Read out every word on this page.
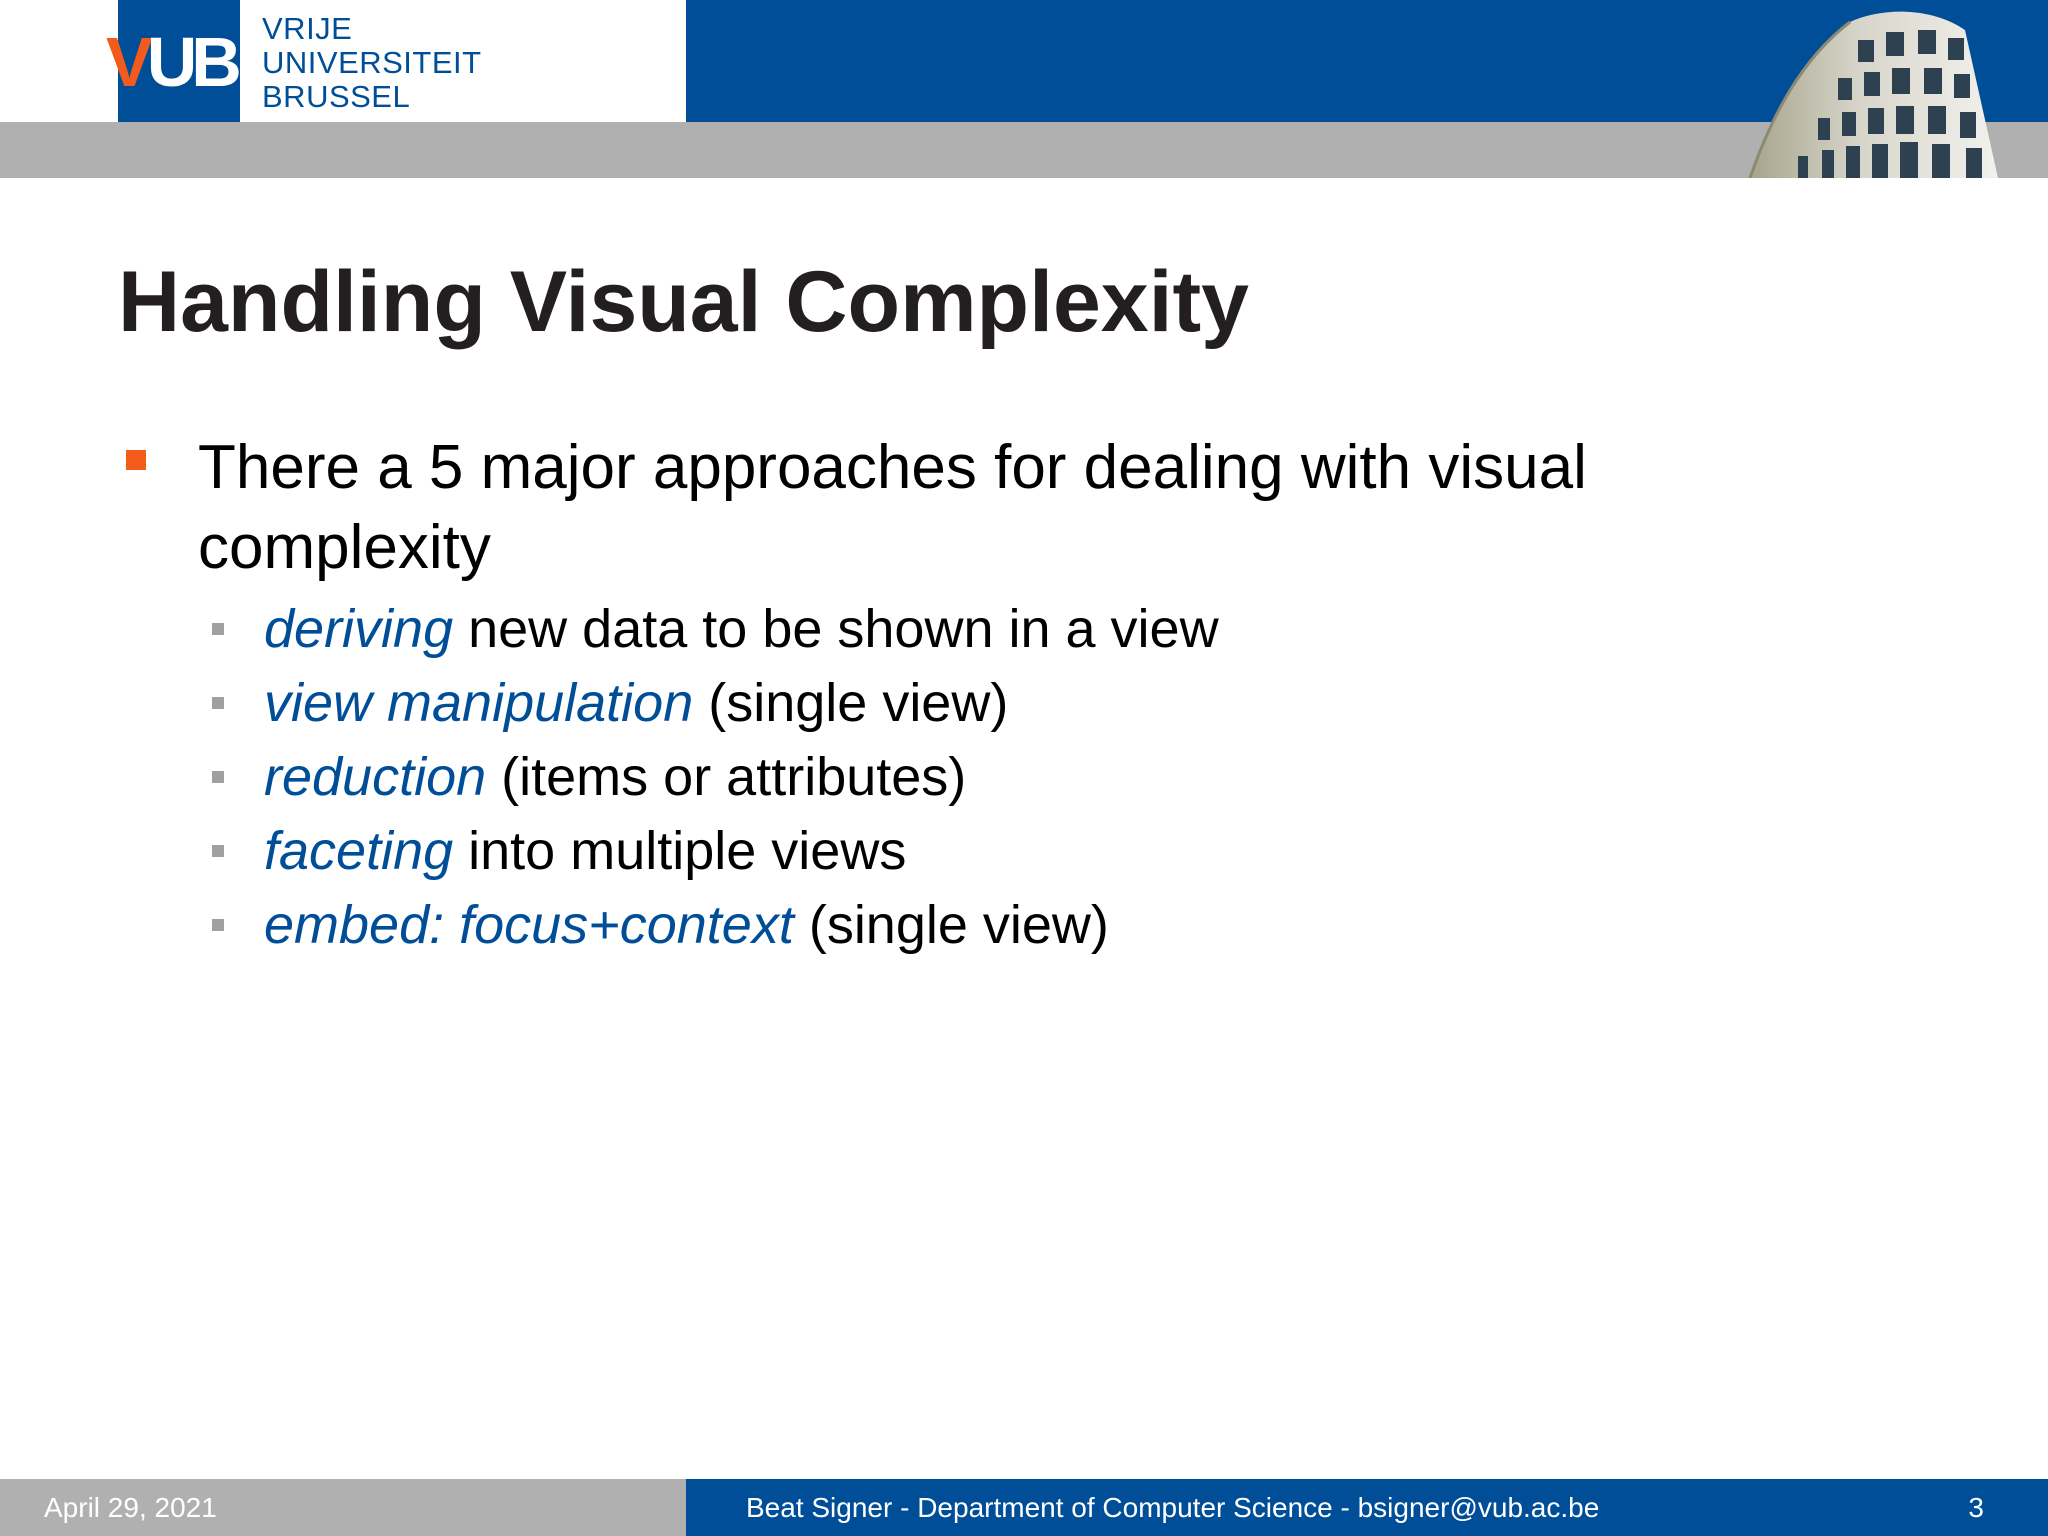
VUB VRIJE
UNIVERSITEIT
BRUSSEL
Handling Visual Complexity
There a 5 major approaches for dealing with visual complexity
deriving new data to be shown in a view
view manipulation (single view)
reduction (items or attributes)
faceting into multiple views
embed: focus+context (single view)
April 29, 2021	Beat Signer - Department of Computer Science - bsigner@vub.ac.be	3
